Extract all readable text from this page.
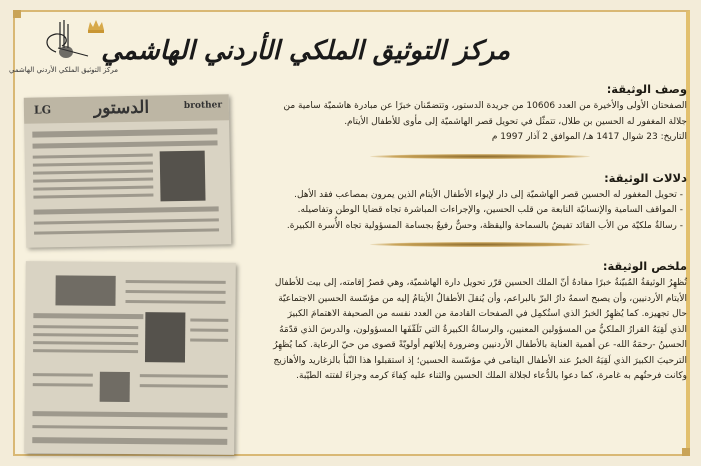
مركز التوثيق الملكي الأردني الهاشمي
مركز التوثيق الملكي الأردني الهاشمي
LG	الدستور	brother
وصف الوثيقة:

الصفحتان الأولى والأخيرة من العدد 10606 من جريدة الدستور، وتتضمّنان خبرًا عن مبادرة هاشميّة سامية من جلالة المغفور له الحسين بن طلال، تتمثّل في تحويل قصر الهاشميّة إلى مأوى للأطفال الأيتام.

التاريخ: 23 شوال 1417 هـ/ الموافق 2 آذار 1997 م

دلالات الوثيقة:
- تحويل المغفور له الحسين قصر الهاشميّة إلى دار لإيواء الأطفال الأيتام الذين يمرون بمصاعب فقد الأهل.
- المواقف السامية والإنسانيّة النابعة من قلب الحسين، والإجراءات المباشرة تجاه قضايا الوطن وتفاصيله.
- رسالةٌ ملكيّة من الأب القائد تفيضُ بالسماحة واليقظة، وحسٌّ رفيعٌ بجسامة المسؤولية تجاه الأُسرة الكبيرة.
ملخص الوثيقة:

تُظهِرُ الوثيقةُ المُبيّنةُ خبرًا مفادهُ أنّ الملك الحسين قرّر تحويل دارة الهاشميّة، وهي قصرُ إقامته، إلى بيت للأطفال الأيتام الأردنيين، وأن يصبح اسمهُ دارُ البرّ بالبراعم، وأن يُنقلَ الأطفالُ الأيتامُ إليه من مؤسّسة الحسين الاجتماعيّة حال تجهيزه. كما يُظهِرُ الخبرُ الذي استُكمِل في الصفحات القادمة من العدد نفسه من الصحيفة الاهتمامَ الكبيرَ الذي لَقِيَهُ القرارُ الملكيُّ من المسؤولين المعنيين، والرسالةُ الكبيرةُ التي تَلَقّفَها المسؤولون، والدرسَ الذي قدّمَهُ الحسينُ -رحمَهُ الله- عن أهمية العناية بالأطفال الأردنيين وضرورة إيلائهم أولويّةً قصوى من حيّ الرعاية. كما يُظهِرُ الترحيبَ الكبيرَ الذي لَقِيَهُ الخبرُ عند الأطفال اليتامى في مؤسّسة الحسين؛ إذ استقبلوا هذا النّبأ بالزغاريد والأهازيج وكانت فرحتُهم به غامرة، كما دعوا بالدُّعاء لجلالة الملك الحسين والثناء عليه كِفاءَ كرمه وجزاءَ لفتته الطيّبة.
